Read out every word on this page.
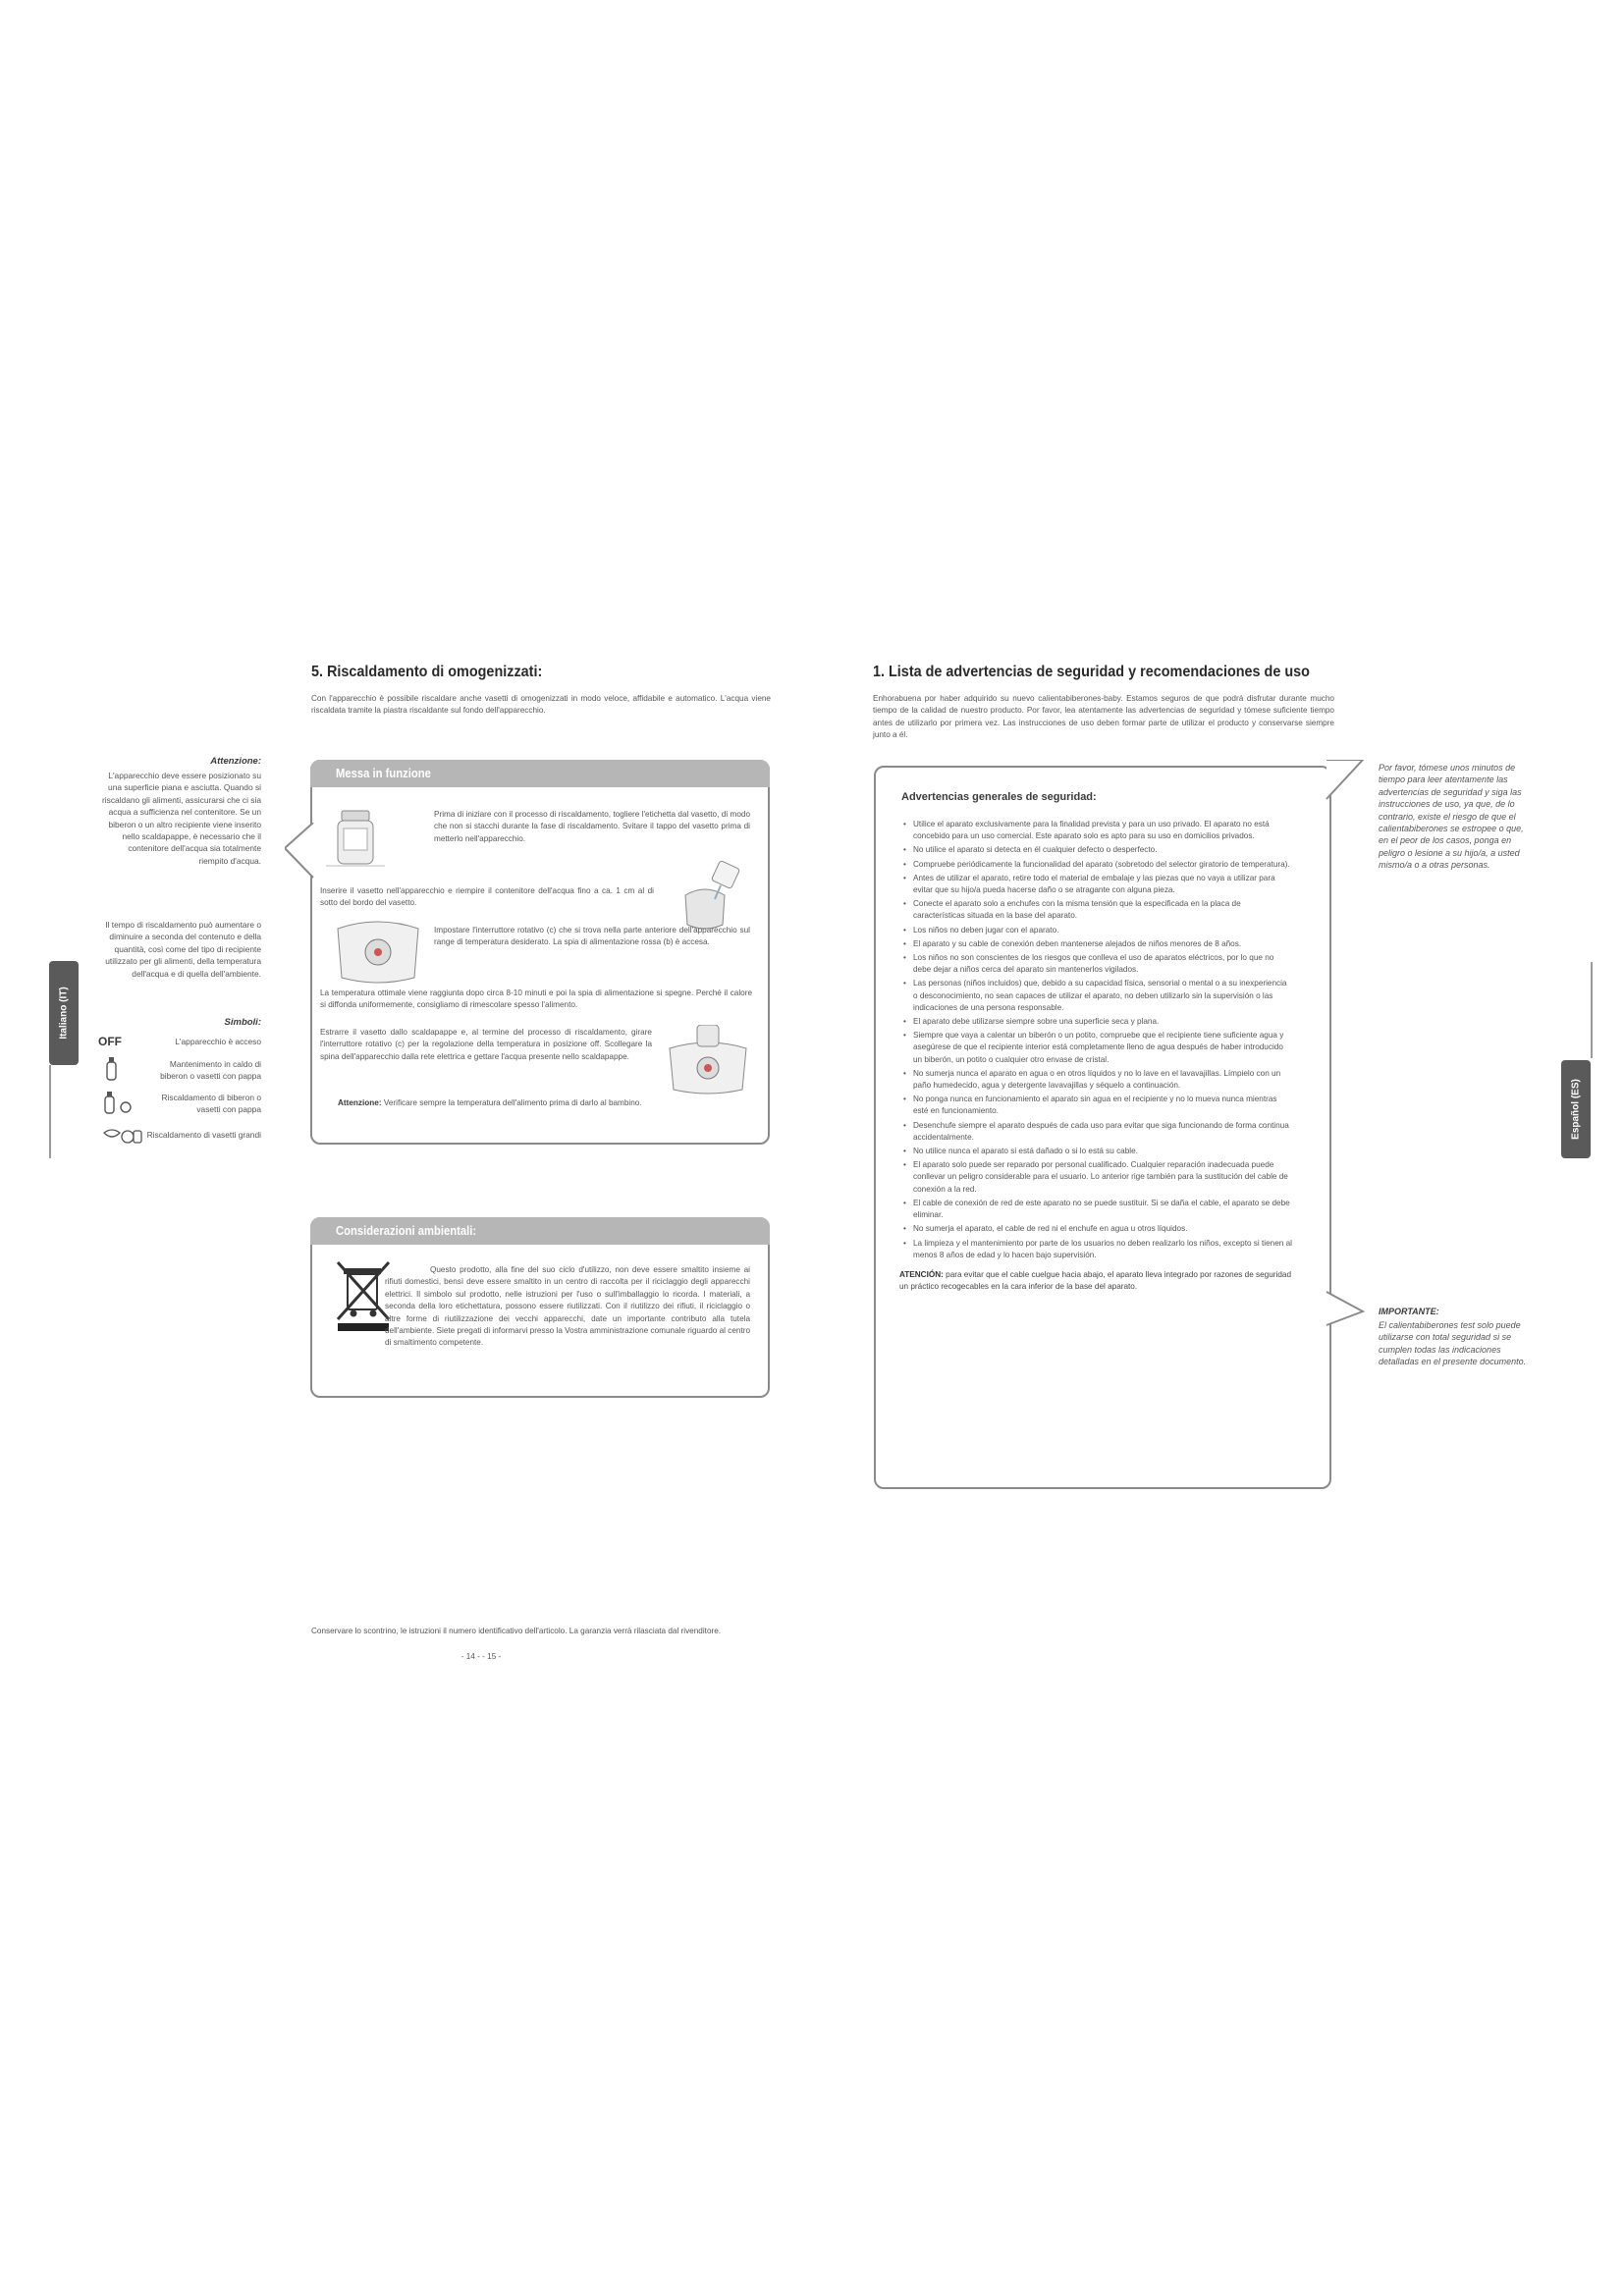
5. Riscaldamento di omogenizzati:
Con l'apparecchio è possibile riscaldare anche vasetti di omogenizzati in modo veloce, affidabile e automatico. L'acqua viene riscaldata tramite la piastra riscaldante sul fondo dell'apparecchio.
Attenzione:
L'apparecchio deve essere posizionato su una superficie piana e asciutta. Quando si riscaldano gli alimenti, assicurarsi che ci sia acqua a sufficienza nel contenitore. Se un biberon o un altro recipiente viene inserito nello scaldapappe, è necessario che il contenitore dell'acqua sia totalmente riempito d'acqua.
Il tempo di riscaldamento può aumentare o diminuire a seconda del contenuto e della quantità, così come del tipo di recipiente utilizzato per gli alimenti, della temperatura dell'acqua e di quella dell'ambiente.
Simboli:
OFF	L'apparecchio è acceso
Mantenimento in caldo di biberon o vasetti con pappa
Riscaldamento di biberon o vasetti con pappa
Riscaldamento di vasetti grandi
Italiano (IT)
Messa in funzione
Prima di iniziare con il processo di riscaldamento, togliere l'etichetta dal vasetto, di modo che non si stacchi durante la fase di riscaldamento. Svitare il tappo del vasetto prima di metterlo nell'apparecchio.
Inserire il vasetto nell'apparecchio e riempire il contenitore dell'acqua fino a ca. 1 cm al di sotto del bordo del vasetto.
Impostare l'interruttore rotativo (c) che si trova nella parte anteriore dell'apparecchio sul range di temperatura desiderato. La spia di alimentazione rossa (b) è accesa.
La temperatura ottimale viene raggiunta dopo circa 8-10 minuti e poi la spia di alimentazione si spegne. Perché il calore si diffonda uniformemente, consigliamo di rimescolare spesso l'alimento.
Estrarre il vasetto dallo scaldapappe e, al termine del processo di riscaldamento, girare l'interruttore rotativo (c) per la regolazione della temperatura in posizione off. Scollegare la spina dell'apparecchio dalla rete elettrica e gettare l'acqua presente nello scaldapappe.
Attenzione: Verificare sempre la temperatura dell'alimento prima di darlo al bambino.
Considerazioni ambientali:
Questo prodotto, alla fine del suo ciclo d'utilizzo, non deve essere smaltito insieme ai rifiuti domestici, bensì deve essere smaltito in un centro di raccolta per il riciclaggio degli apparecchi elettrici. Il simbolo sul prodotto, nelle istruzioni per l'uso o sull'imballaggio lo ricorda. I materiali, a seconda della loro etichettatura, possono essere riutilizzati. Con il riutilizzo dei rifiuti, il riciclaggio o altre forme di riutilizzazione dei vecchi apparecchi, date un importante contributo alla tutela dell'ambiente. Siete pregati di informarvi presso la Vostra amministrazione comunale riguardo al centro di smaltimento competente.
Conservare lo scontrino, le istruzioni il numero identificativo dell'articolo. La garanzia verrà rilasciata dal rivenditore.
- 14 - - 15 -
1. Lista de advertencias de seguridad y recomendaciones de uso
Enhorabuena por haber adquirido su nuevo calientabiberones-baby. Estamos seguros de que podrá disfrutar durante mucho tiempo de la calidad de nuestro producto. Por favor, lea atentamente las advertencias de seguridad y tómese suficiente tiempo antes de utilizarlo por primera vez. Las instrucciones de uso deben formar parte de utilizar el producto y conservarse siempre junto a él.
Advertencias generales de seguridad:
• Utilice el aparato exclusivamente para la finalidad prevista y para un uso privado. El aparato no está concebido para un uso comercial. Este aparato solo es apto para su uso en domicilios privados.
• No utilice el aparato si detecta en él cualquier defecto o desperfecto.
• Compruebe periódicamente la funcionalidad del aparato (sobretodo del selector giratorio de temperatura).
• Antes de utilizar el aparato, retire todo el material de embalaje y las piezas que no vaya a utilizar para evitar que su hijo/a pueda hacerse daño o se atragante con alguna pieza.
• Conecte el aparato solo a enchufes con la misma tensión que la especificada en la placa de características situada en la base del aparato.
• Los niños no deben jugar con el aparato.
• El aparato y su cable de conexión deben mantenerse alejados de niños menores de 8 años.
• Los niños no son conscientes de los riesgos que conlleva el uso de aparatos eléctricos, por lo que no debe dejar a niños cerca del aparato sin mantenerlos vigilados.
• Las personas (niños incluidos) que, debido a su capacidad física, sensorial o mental o a su inexperiencia o desconocimiento, no sean capaces de utilizar el aparato, no deben utilizarlo sin la supervisión o las indicaciones de una persona responsable.
• El aparato debe utilizarse siempre sobre una superficie seca y plana.
• Siempre que vaya a calentar un biberón o un potito, compruebe que el recipiente tiene suficiente agua y asegúrese de que el recipiente interior está completamente lleno de agua después de haber introducido un biberón, un potito o cualquier otro envase de cristal.
• No sumerja nunca el aparato en agua o en otros líquidos y no lo lave en el lavavajillas. Límpielo con un paño humedecido, agua y detergente lavavajillas y séquelo a continuación.
• No ponga nunca en funcionamiento el aparato sin agua en el recipiente y no lo mueva nunca mientras esté en funcionamiento.
• Desenchufe siempre el aparato después de cada uso para evitar que siga funcionando de forma continua accidentalmente.
• No utilice nunca el aparato si está dañado o si lo está su cable.
• El aparato solo puede ser reparado por personal cualificado. Cualquier reparación inadecuada puede conllevar un peligro considerable para el usuario. Lo anterior rige también para la sustitución del cable de conexión a la red.
• El cable de conexión de red de este aparato no se puede sustituir. Si se daña el cable, el aparato se debe eliminar.
• No sumerja el aparato, el cable de red ni el enchufe en agua u otros líquidos.
• La limpieza y el mantenimiento por parte de los usuarios no deben realizarlo los niños, excepto si tienen al menos 8 años de edad y lo hacen bajo supervisión.
ATENCIÓN: para evitar que el cable cuelgue hacia abajo, el aparato lleva integrado por razones de seguridad un práctico recogecables en la cara inferior de la base del aparato.
Por favor, tómese unos minutos de tiempo para leer atentamente las advertencias de seguridad y siga las instrucciones de uso, ya que, de lo contrario, existe el riesgo de que el calientabiberones se estropee o que, en el peor de los casos, ponga en peligro o lesione a su hijo/a, a usted mismo/a o a otras personas.
IMPORTANTE:
El calientabiberones test solo puede utilizarse con total seguridad si se cumplen todas las indicaciones detalladas en el presente documento.
Español (ES)
